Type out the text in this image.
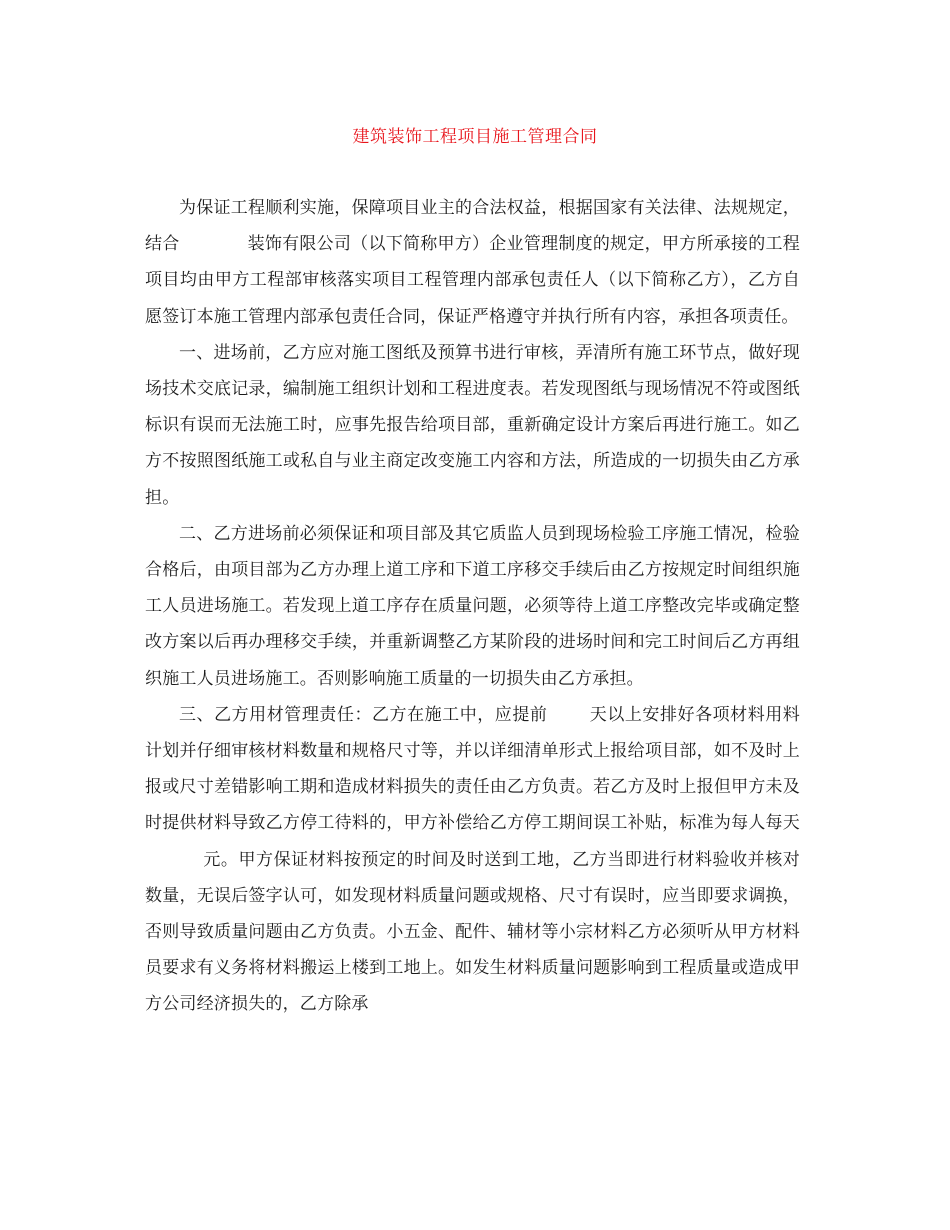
建筑装饰工程项目施工管理合同

为保证工程顺利实施，保障项目业主的合法权益，根据国家有关法律、法规规定，结合	装饰有限公司（以下简称甲方）企业管理制度的规定，甲方所承接的工程项目均由甲方工程部审核落实项目工程管理内部承包责任人（以下简称乙方），乙方自愿签订本施工管理内部承包责任合同，保证严格遵守并执行所有内容，承担各项责任。

一、进场前，乙方应对施工图纸及预算书进行审核，弄清所有施工环节点，做好现场技术交底记录，编制施工组织计划和工程进度表。若发现图纸与现场情况不符或图纸标识有误而无法施工时，应事先报告给项目部，重新确定设计方案后再进行施工。如乙方不按照图纸施工或私自与业主商定改变施工内容和方法，所造成的一切损失由乙方承担。

二、乙方进场前必须保证和项目部及其它质监人员到现场检验工序施工情况，检验合格后，由项目部为乙方办理上道工序和下道工序移交手续后由乙方按规定时间组织施工人员进场施工。若发现上道工序存在质量问题，必须等待上道工序整改完毕或确定整改方案以后再办理移交手续，并重新调整乙方某阶段的进场时间和完工时间后乙方再组织施工人员进场施工。否则影响施工质量的一切损失由乙方承担。

三、乙方用材管理责任：乙方在施工中，应提前 天以上安排好各项材料用料计划并仔细审核材料数量和规格尺寸等，并以详细清单形式上报给项目部，如不及时上报或尺寸差错影响工期和造成材料损失的责任由乙方负责。若乙方及时上报但甲方未及时提供材料导致乙方停工待料的，甲方补偿给乙方停工期间误工补贴，标准为每人每天元。甲方保证材料按预定的时间及时送到工地，乙方当即进行材料验收并核对数量，无误后签字认可，如发现材料质量问题或规格、尺寸有误时，应当即要求调换，否则导致质量问题由乙方负责。小五金、配件、辅材等小宗材料乙方必须听从甲方材料员要求有义务将材料搬运上楼到工地上。如发生材料质量问题影响到工程质量或造成甲方公司经济损失的，乙方除承
